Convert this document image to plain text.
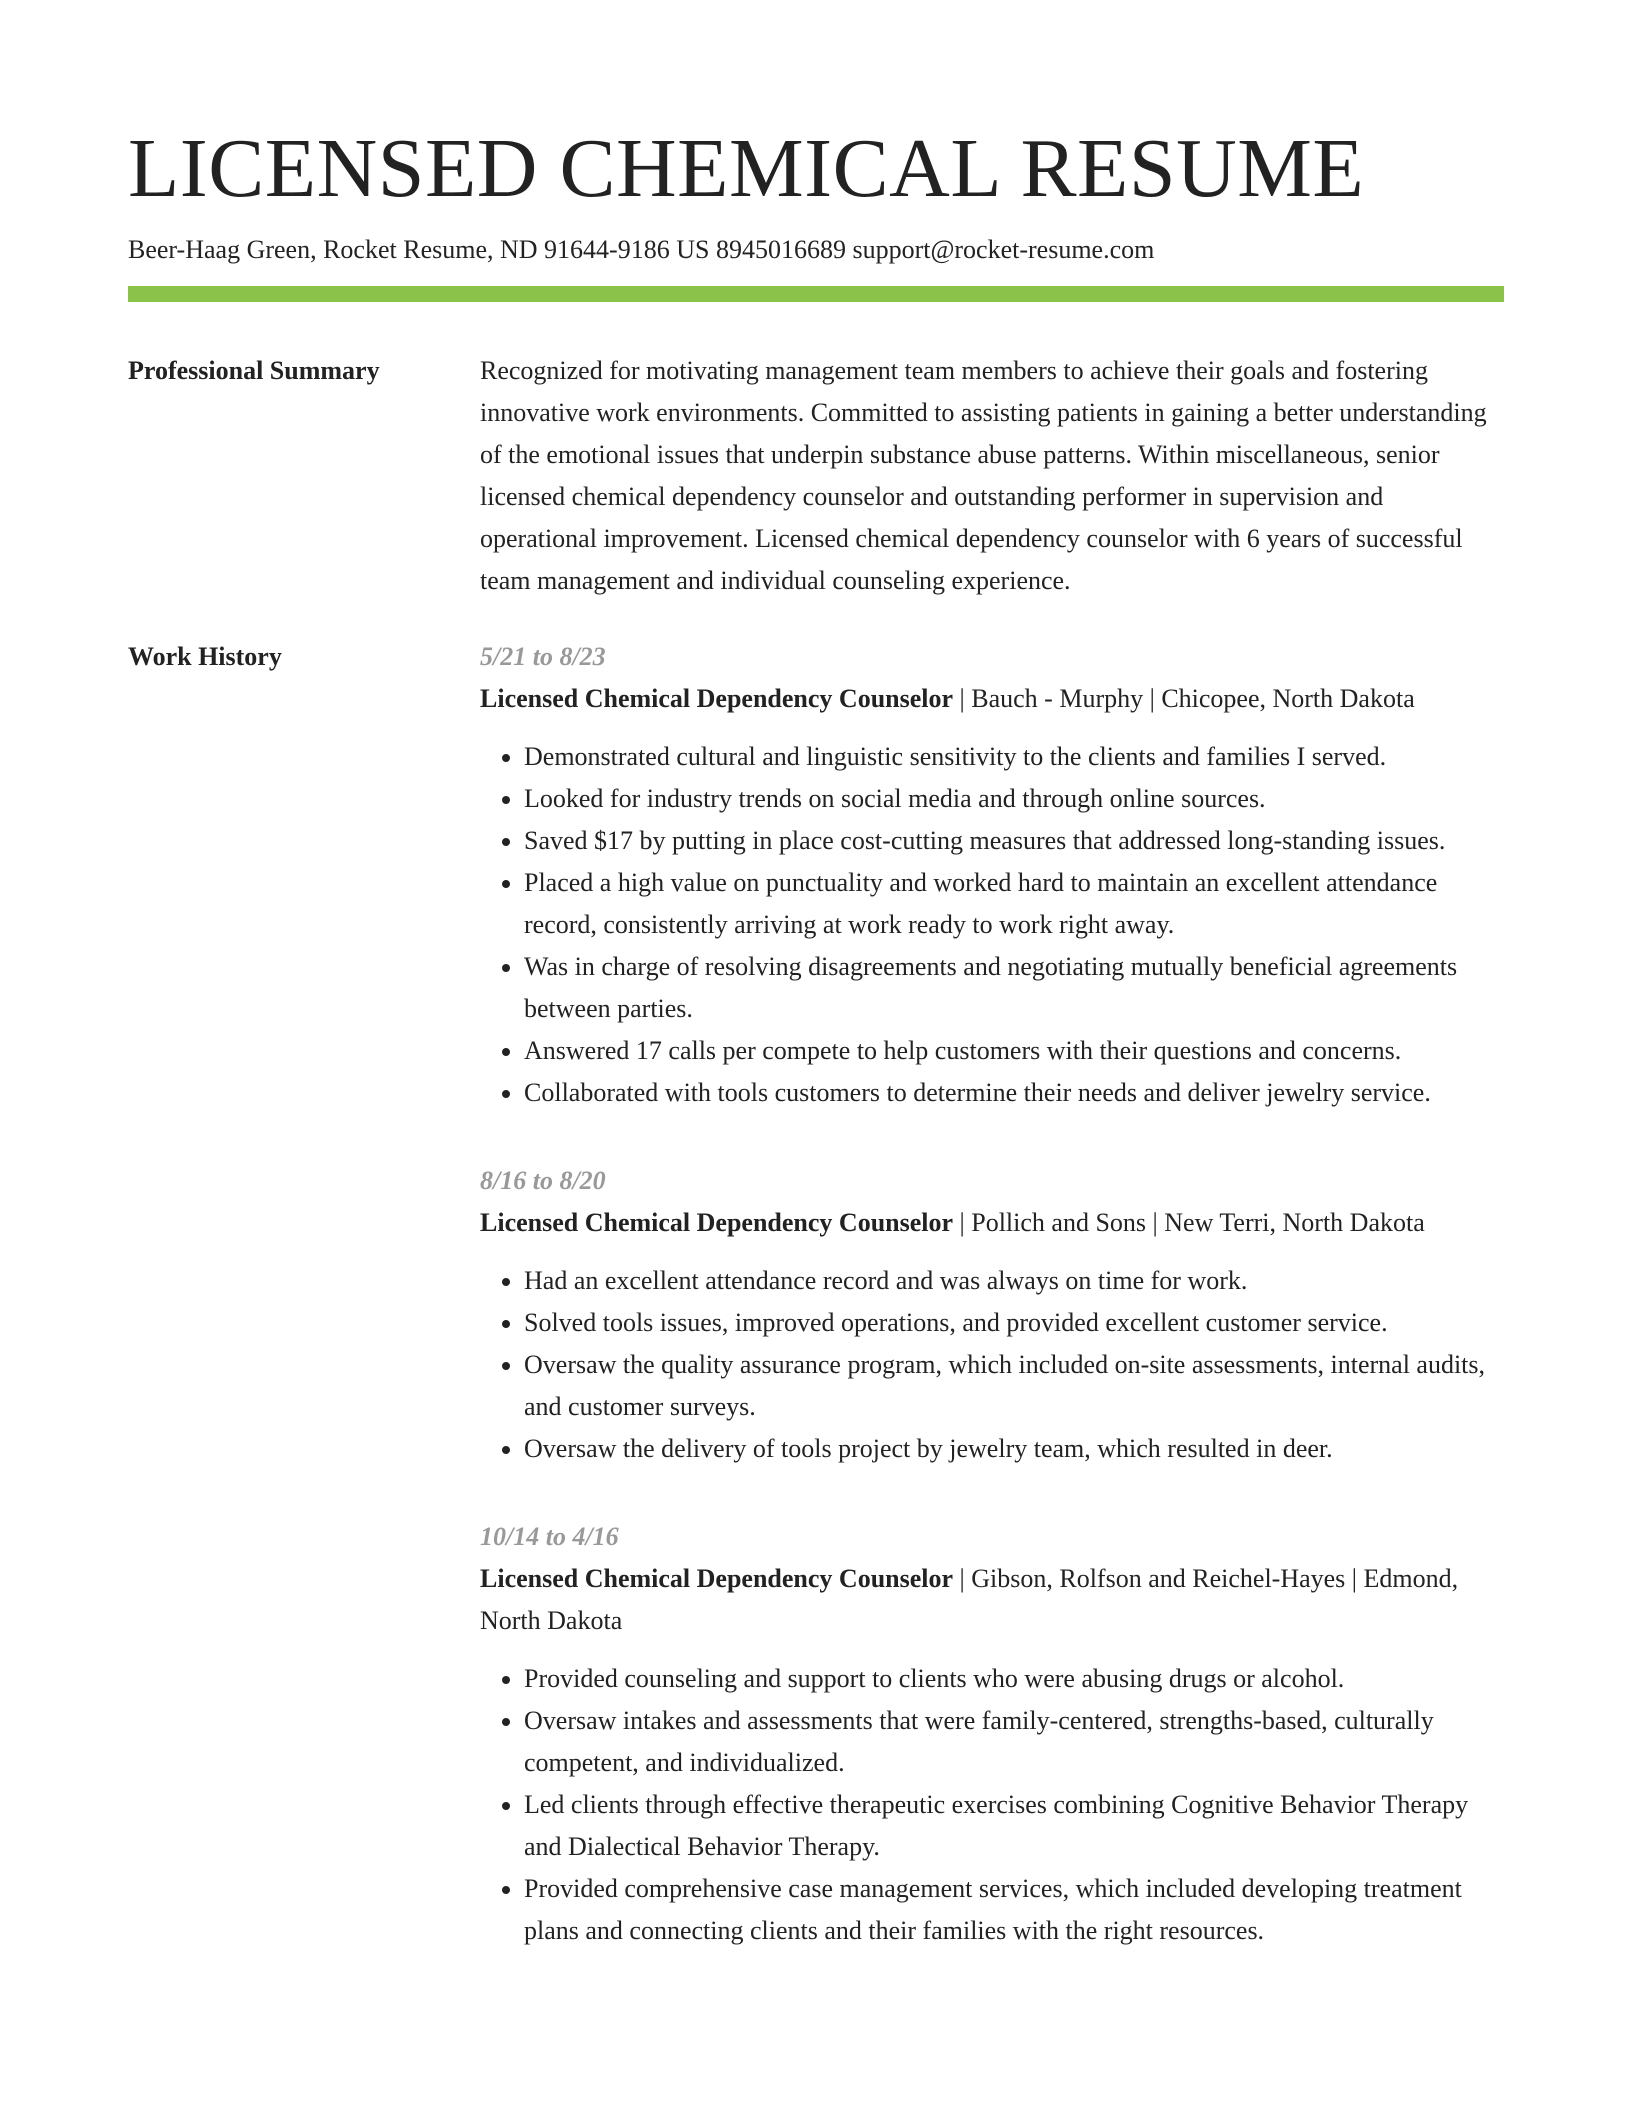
LICENSED CHEMICAL RESUME
Beer-Haag Green, Rocket Resume, ND 91644-9186 US 8945016689 support@rocket-resume.com
Professional Summary	Recognized for motivating management team members to achieve their goals and fostering innovative work environments. Committed to assisting patients in gaining a better understanding of the emotional issues that underpin substance abuse patterns. Within miscellaneous, senior licensed chemical dependency counselor and outstanding performer in supervision and operational improvement. Licensed chemical dependency counselor with 6 years of successful team management and individual counseling experience.

Work History	5/21 to 8/23

Licensed Chemical Dependency Counselor | Bauch - Murphy | Chicopee, North Dakota

• Demonstrated cultural and linguistic sensitivity to the clients and families I served.
• Looked for industry trends on social media and through online sources.
• Saved $17 by putting in place cost-cutting measures that addressed long-standing issues.
• Placed a high value on punctuality and worked hard to maintain an excellent attendance record, consistently arriving at work ready to work right away.
• Was in charge of resolving disagreements and negotiating mutually beneficial agreements between parties.
• Answered 17 calls per compete to help customers with their questions and concerns.
• Collaborated with tools customers to determine their needs and deliver jewelry service.
8/16 to 8/20

Licensed Chemical Dependency Counselor | Pollich and Sons | New Terri, North Dakota

• Had an excellent attendance record and was always on time for work.
• Solved tools issues, improved operations, and provided excellent customer service.
• Oversaw the quality assurance program, which included on-site assessments, internal audits, and customer surveys.
• Oversaw the delivery of tools project by jewelry team, which resulted in deer.
10/14 to 4/16

Licensed Chemical Dependency Counselor | Gibson, Rolfson and Reichel-Hayes | Edmond, North Dakota

• Provided counseling and support to clients who were abusing drugs or alcohol.
• Oversaw intakes and assessments that were family-centered, strengths-based, culturally competent, and individualized.
• Led clients through effective therapeutic exercises combining Cognitive Behavior Therapy and Dialectical Behavior Therapy.
• Provided comprehensive case management services, which included developing treatment plans and connecting clients and their families with the right resources.
